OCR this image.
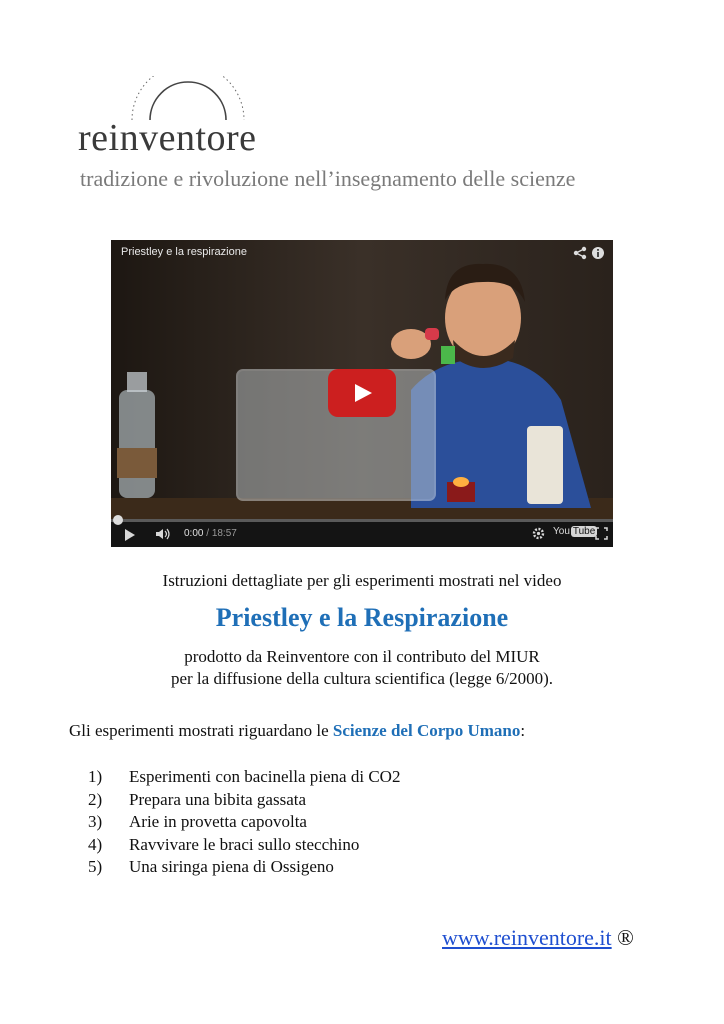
reinventore
tradizione e rivoluzione nell’insegnamento delle scienze
Priestley e la respirazione
0:00 / 18:57	You Tube
Istruzioni dettagliate per gli esperimenti mostrati nel video
Priestley e la Respirazione
prodotto da Reinventore con il contributo del MIUR
per la diffusione della cultura scientifica (legge 6/2000).
Gli esperimenti mostrati riguardano le Scienze del Corpo Umano:
1) Esperimenti con bacinella piena di CO2
2) Prepara una bibita gassata
3) Arie in provetta capovolta
4) Ravvivare le braci sullo stecchino
5) Una siringa piena di Ossigeno
www.reinventore.it ®
